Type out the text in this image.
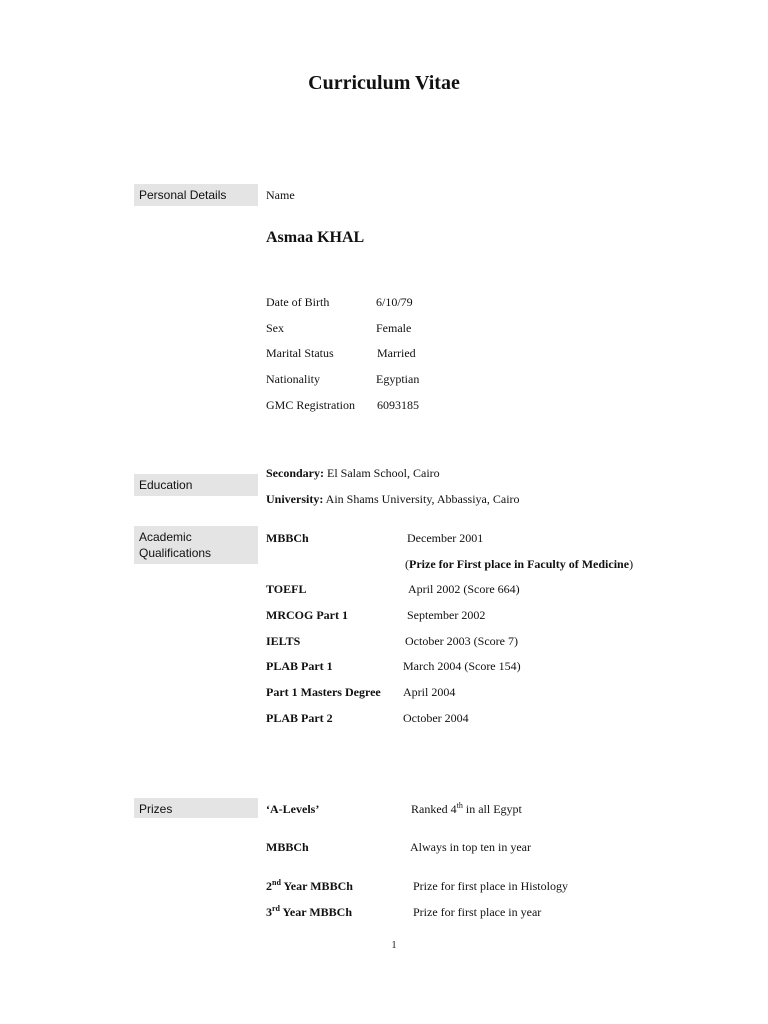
Curriculum Vitae
Personal Details	Name
Asmaa KHAL
Date of Birth	6/10/79
Sex	Female
Marital Status	Married
Nationality	Egyptian
GMC Registration 6093185
Education
Secondary: El Salam School, Cairo
University: Ain Shams University, Abbassiya, Cairo
Academic Qualifications
MBBCh	December 2001
(Prize for First place in Faculty of Medicine)
TOEFL	April 2002 (Score 664)
MRCOG Part 1	September 2002
IELTS	October 2003 (Score 7)
PLAB Part 1	March 2004 (Score 154)
Part 1 Masters Degree April 2004
PLAB Part 2	October 2004
Prizes	‘A-Levels’	Ranked 4th in all Egypt
MBBCh	Always in top ten in year
2nd Year MBBCh	Prize for first place in Histology
3rd Year MBBCh	Prize for first place in year
1
